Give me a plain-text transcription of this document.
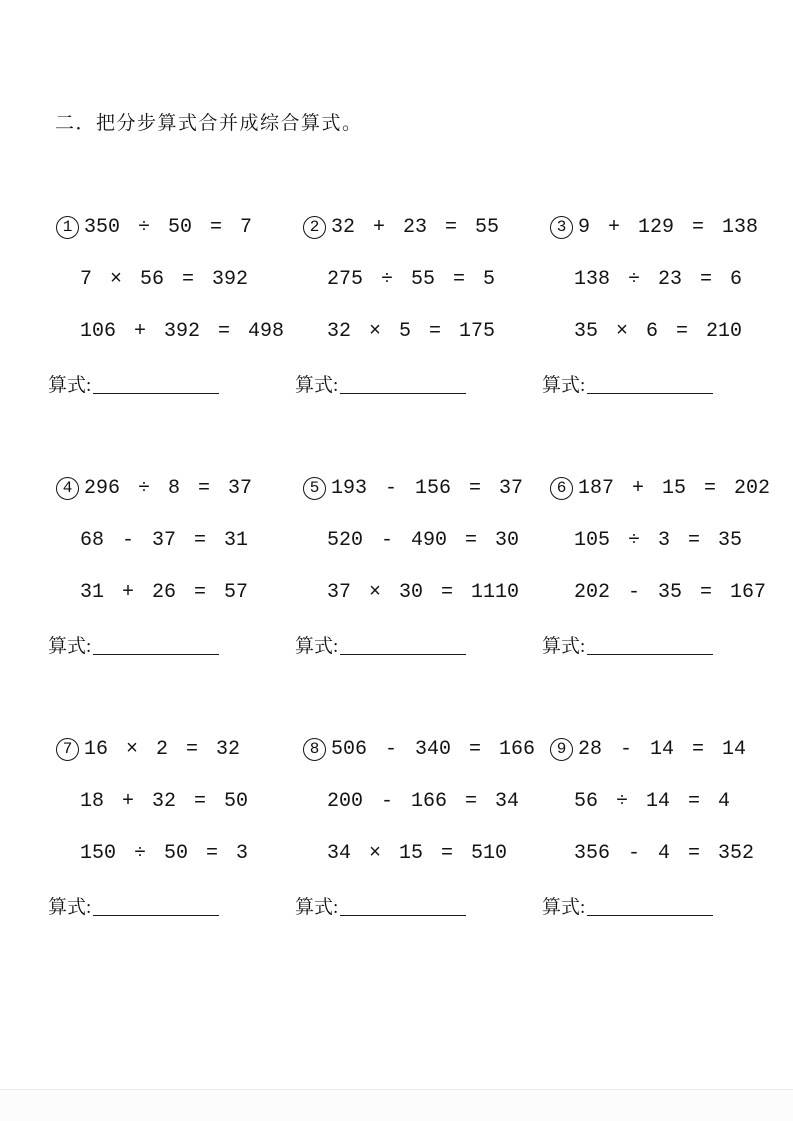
二．把分步算式合并成综合算式。
1 350 ÷ 50 = 7
7 × 56 = 392
106 + 392 = 498
算式:
2 32 + 23 = 55
275 ÷ 55 = 5
32 × 5 = 175
算式:
3 9 + 129 = 138
138 ÷ 23 = 6
35 × 6 = 210
算式:
4 296 ÷ 8 = 37
68 - 37 = 31
31 + 26 = 57
算式:
5 193 - 156 = 37
520 - 490 = 30
37 × 30 = 1110
算式:
6 187 + 15 = 202
105 ÷ 3 = 35
202 - 35 = 167
算式:
7 16 × 2 = 32
18 + 32 = 50
150 ÷ 50 = 3
算式:
8 506 - 340 = 166
200 - 166 = 34
34 × 15 = 510
算式:
9 28 - 14 = 14
56 ÷ 14 = 4
356 - 4 = 352
算式:
